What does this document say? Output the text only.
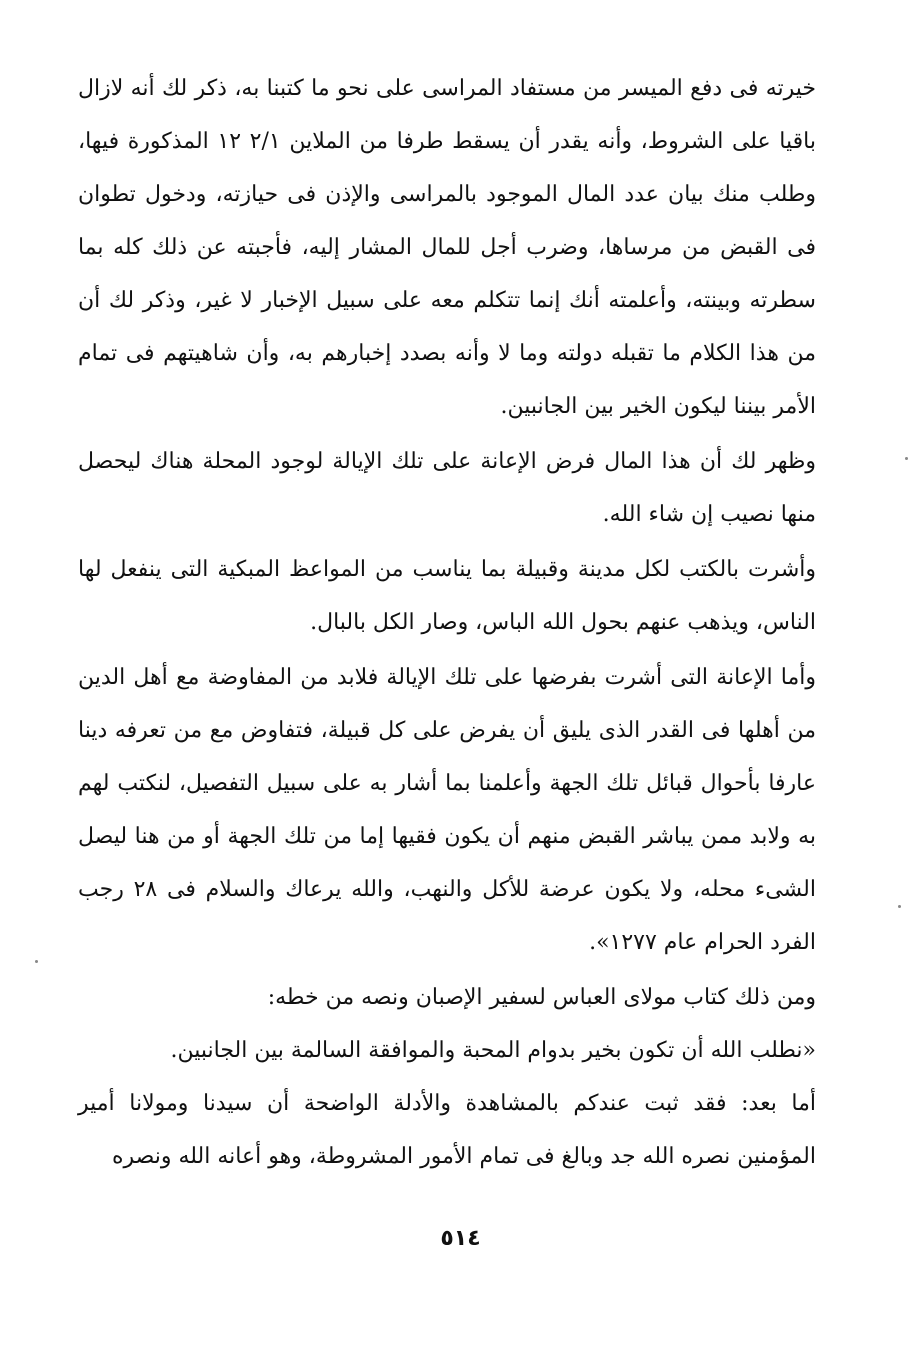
خيرته فى دفع الميسر من مستفاد المراسى على نحو ما كتبنا به، ذكر لك أنه لازال باقيا على الشروط، وأنه يقدر أن يسقط طرفا من الملاين ٢/١ ١٢ المذكورة فيها، وطلب منك بيان عدد المال الموجود بالمراسى والإذن فى حيازته، ودخول تطوان فى القبض من مرساها، وضرب أجل للمال المشار إليه، فأجبته عن ذلك كله بما سطرته وبينته، وأعلمته أنك إنما تتكلم معه على سبيل الإخبار لا غير، وذكر لك أن من هذا الكلام ما تقبله دولته وما لا وأنه بصدد إخبارهم به، وأن شاهيتهم فى تمام الأمر بيننا ليكون الخير بين الجانبين.

وظهر لك أن هذا المال فرض الإعانة على تلك الإيالة لوجود المحلة هناك ليحصل منها نصيب إن شاء الله.

وأشرت بالكتب لكل مدينة وقبيلة بما يناسب من المواعظ المبكية التى ينفعل لها الناس، ويذهب عنهم بحول الله الباس، وصار الكل بالبال.

وأما الإعانة التى أشرت بفرضها على تلك الإيالة فلابد من المفاوضة مع أهل الدين من أهلها فى القدر الذى يليق أن يفرض على كل قبيلة، فتفاوض مع من تعرفه دينا عارفا بأحوال قبائل تلك الجهة وأعلمنا بما أشار به على سبيل التفصيل، لنكتب لهم به ولابد ممن يباشر القبض منهم أن يكون فقيها إما من تلك الجهة أو من هنا ليصل الشىء محله، ولا يكون عرضة للأكل والنهب، والله يرعاك والسلام فى ٢٨ رجب الفرد الحرام عام ١٢٧٧».

ومن ذلك كتاب مولاى العباس لسفير الإصبان ونصه من خطه:

«نطلب الله أن تكون بخير بدوام المحبة والموافقة السالمة بين الجانبين.

أما بعد: فقد ثبت عندكم بالمشاهدة والأدلة الواضحة أن سيدنا ومولانا أمير المؤمنين نصره الله جد وبالغ فى تمام الأمور المشروطة، وهو أعانه الله ونصره

٥١٤
